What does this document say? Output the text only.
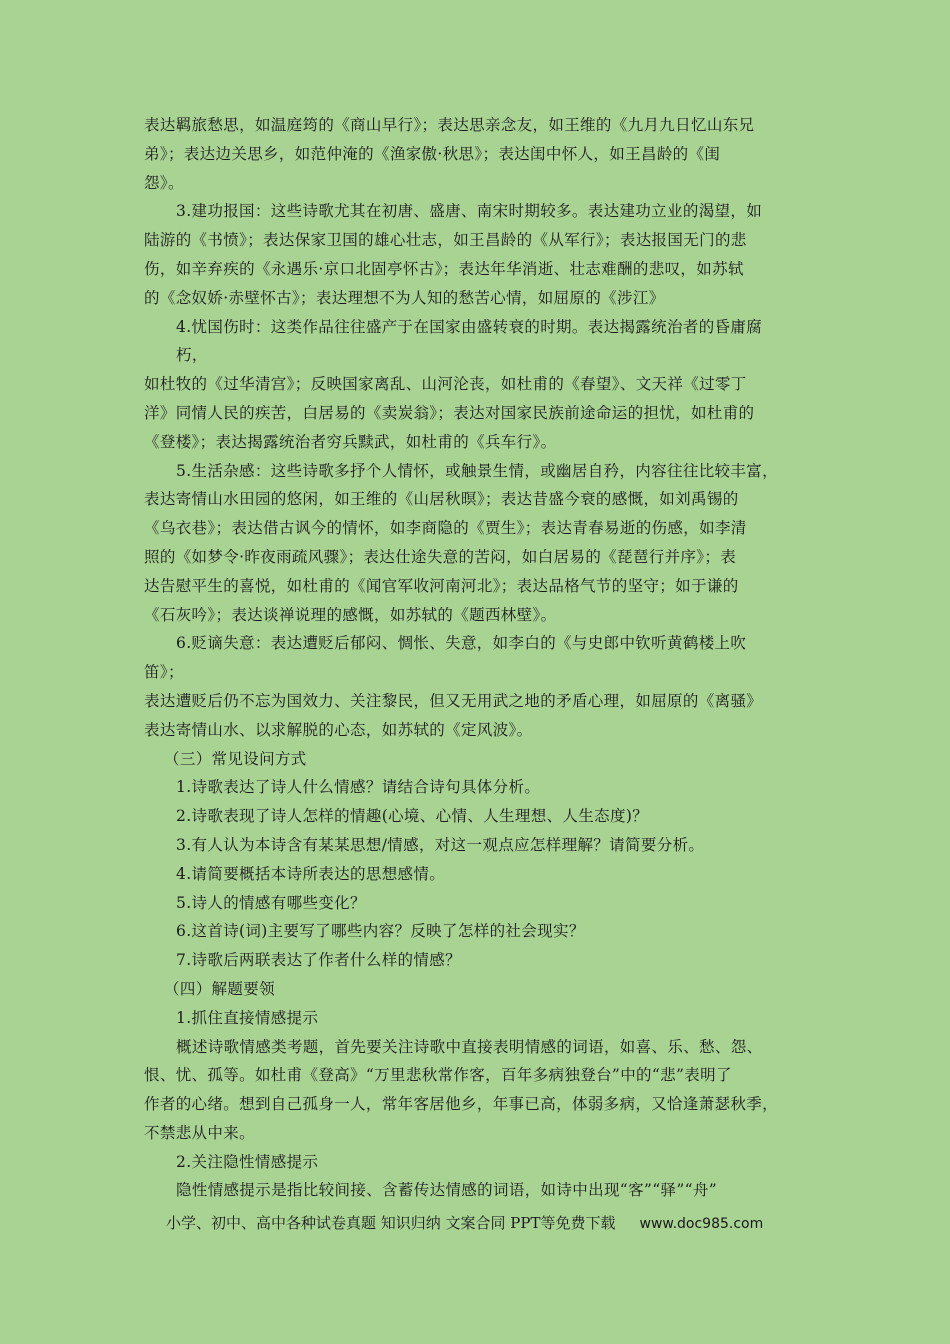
表达羁旅愁思，如温庭筠的《商山早行》；表达思亲念友，如王维的《九月九日忆山东兄
弟》；表达边关思乡，如范仲淹的《渔家傲·秋思》；表达闺中怀人，如王昌龄的《闺
怨》。
3.建功报国：这些诗歌尤其在初唐、盛唐、南宋时期较多。表达建功立业的渴望，如
陆游的《书愤》；表达保家卫国的雄心壮志，如王昌龄的《从军行》；表达报国无门的悲
伤，如辛弃疾的《永遇乐·京口北固亭怀古》；表达年华消逝、壮志难酬的悲叹，如苏轼
的《念奴娇·赤壁怀古》；表达理想不为人知的愁苦心情，如屈原的《涉江》
4.忧国伤时：这类作品往往盛产于在国家由盛转衰的时期。表达揭露统治者的昏庸腐
朽，
如杜牧的《过华清宫》；反映国家离乱、山河沦丧，如杜甫的《春望》、文天祥《过零丁
洋》同情人民的疾苦，白居易的《卖炭翁》；表达对国家民族前途命运的担忧，如杜甫的
《登楼》；表达揭露统治者穷兵黩武，如杜甫的《兵车行》。
5.生活杂感：这些诗歌多抒个人情怀，或触景生情，或幽居自矜，内容往往比较丰富，
表达寄情山水田园的悠闲，如王维的《山居秋暝》；表达昔盛今衰的感慨，如刘禹锡的
《乌衣巷》；表达借古讽今的情怀，如李商隐的《贾生》；表达青春易逝的伤感，如李清
照的《如梦令·昨夜雨疏风骤》；表达仕途失意的苦闷，如白居易的《琵琶行并序》；表
达告慰平生的喜悦，如杜甫的《闻官军收河南河北》；表达品格气节的坚守；如于谦的
《石灰吟》；表达谈禅说理的感慨，如苏轼的《题西林壁》。
6.贬谪失意：表达遭贬后郁闷、惆怅、失意，如李白的《与史郎中钦听黄鹤楼上吹
笛》；
表达遭贬后仍不忘为国效力、关注黎民，但又无用武之地的矛盾心理，如屈原的《离骚》
表达寄情山水、以求解脱的心态，如苏轼的《定风波》。
（三）常见设问方式
1.诗歌表达了诗人什么情感？请结合诗句具体分析。
2.诗歌表现了诗人怎样的情趣(心境、心情、人生理想、人生态度)？
3.有人认为本诗含有某某思想/情感，对这一观点应怎样理解？请简要分析。
4.请简要概括本诗所表达的思想感情。
5.诗人的情感有哪些变化？
6.这首诗(词)主要写了哪些内容？反映了怎样的社会现实？
7.诗歌后两联表达了作者什么样的情感？
（四）解题要领
1.抓住直接情感提示
概述诗歌情感类考题，首先要关注诗歌中直接表明情感的词语，如喜、乐、愁、怨、
恨、忧、孤等。如杜甫《登高》“万里悲秋常作客，百年多病独登台”中的“悲”表明了
作者的心绪。想到自己孤身一人，常年客居他乡，年事已高，体弱多病，又恰逢萧瑟秋季，
不禁悲从中来。
2.关注隐性情感提示
隐性情感提示是指比较间接、含蓄传达情感的词语，如诗中出现“客”“驿”“舟”
小学、初中、高中各种试卷真题 知识归纳 文案合同 PPT等免费下载 www.doc985.com
